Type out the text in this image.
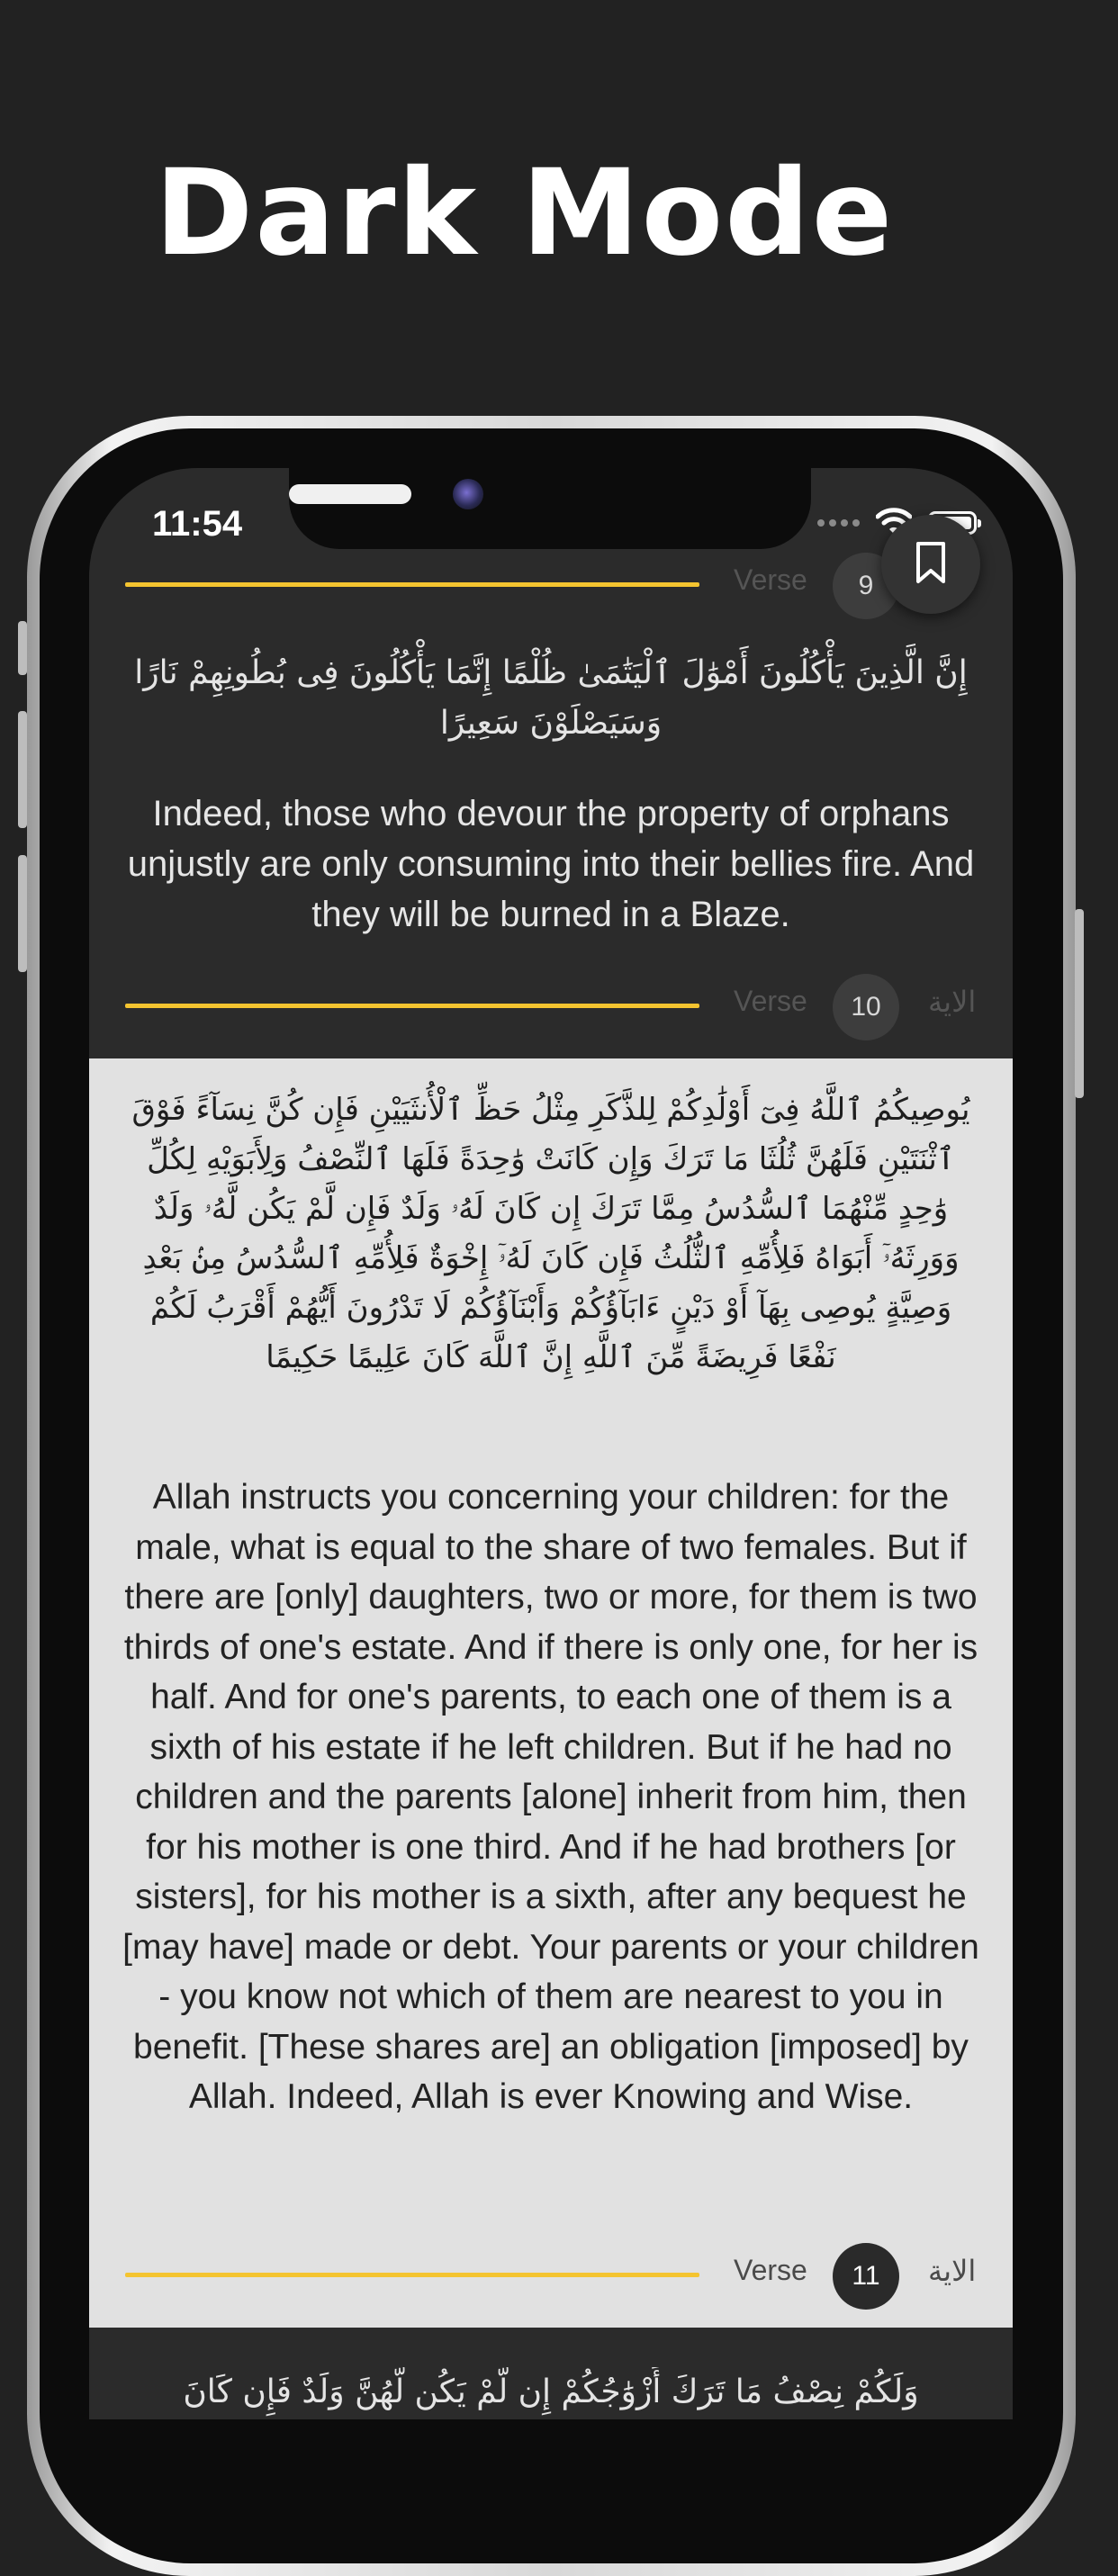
Dark Mode
Verse	9
إِنَّ الَّذِينَ يَأْكُلُونَ أَمْوَٰلَ ٱلْيَتَٰمَىٰ ظُلْمًا إِنَّمَا يَأْكُلُونَ فِى بُطُونِهِمْ نَارًا وَسَيَصْلَوْنَ سَعِيرًا
Indeed, those who devour the property of orphans unjustly are only consuming into their bellies fire. And they will be burned in a Blaze.
Verse	10	الاية
يُوصِيكُمُ ٱللَّهُ فِىٓ أَوْلَٰدِكُمْ لِلذَّكَرِ مِثْلُ حَظِّ ٱلْأُنثَيَيْنِ فَإِن كُنَّ نِسَآءً فَوْقَ ٱثْنَتَيْنِ فَلَهُنَّ ثُلُثَا مَا تَرَكَ وَإِن كَانَتْ وَٰحِدَةً فَلَهَا ٱلنِّصْفُ وَلِأَبَوَيْهِ لِكُلِّ وَٰحِدٍ مِّنْهُمَا ٱلسُّدُسُ مِمَّا تَرَكَ إِن كَانَ لَهُۥ وَلَدٌ فَإِن لَّمْ يَكُن لَّهُۥ وَلَدٌ وَوَرِثَهُۥٓ أَبَوَاهُ فَلِأُمِّهِ ٱلثُّلُثُ فَإِن كَانَ لَهُۥٓ إِخْوَةٌ فَلِأُمِّهِ ٱلسُّدُسُ مِنۢ بَعْدِ وَصِيَّةٍ يُوصِى بِهَآ أَوْ دَيْنٍ ءَابَآؤُكُمْ وَأَبْنَآؤُكُمْ لَا تَدْرُونَ أَيُّهُمْ أَقْرَبُ لَكُمْ نَفْعًا فَرِيضَةً مِّنَ ٱللَّهِ إِنَّ ٱللَّهَ كَانَ عَلِيمًا حَكِيمًا
Allah instructs you concerning your children: for the male, what is equal to the share of two females. But if there are [only] daughters, two or more, for them is two thirds of one's estate. And if there is only one, for her is half. And for one's parents, to each one of them is a sixth of his estate if he left children. But if he had no children and the parents [alone] inherit from him, then for his mother is one third. And if he had brothers [or sisters], for his mother is a sixth, after any bequest he [may have] made or debt. Your parents or your children - you know not which of them are nearest to you in benefit. [These shares are] an obligation [imposed] by Allah. Indeed, Allah is ever Knowing and Wise.
Verse	11	الاية
وَلَكُمْ نِصْفُ مَا تَرَكَ أَزْوَٰجُكُمْ إِن لَّمْ يَكُن لَّهُنَّ وَلَدٌ فَإِن كَانَ
11:54
